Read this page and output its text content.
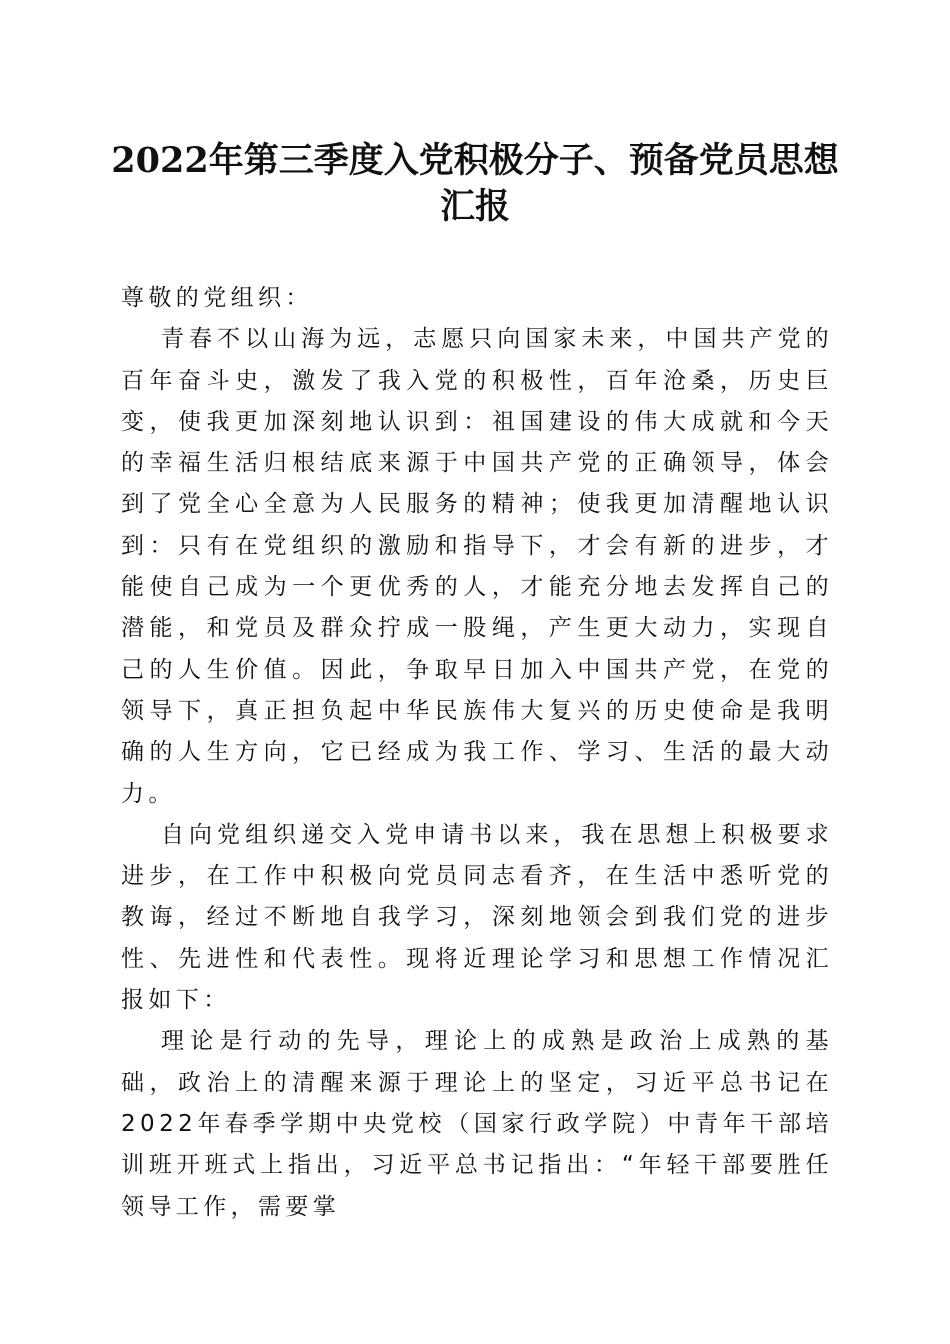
2022年第三季度入党积极分子、预备党员思想汇报

尊敬的党组织：

青春不以山海为远，志愿只向国家未来，中国共产党的百年奋斗史，激发了我入党的积极性，百年沧桑，历史巨变，使我更加深刻地认识到：祖国建设的伟大成就和今天的幸福生活归根结底来源于中国共产党的正确领导，体会到了党全心全意为人民服务的精神；使我更加清醒地认识到：只有在党组织的激励和指导下，才会有新的进步，才能使自己成为一个更优秀的人，才能充分地去发挥自己的潜能，和党员及群众拧成一股绳，产生更大动力，实现自己的人生价值。因此，争取早日加入中国共产党，在党的领导下，真正担负起中华民族伟大复兴的历史使命是我明确的人生方向，它已经成为我工作、学习、生活的最大动力。

自向党组织递交入党申请书以来，我在思想上积极要求进步，在工作中积极向党员同志看齐，在生活中悉听党的教诲，经过不断地自我学习，深刻地领会到我们党的进步性、先进性和代表性。现将近理论学习和思想工作情况汇报如下：

理论是行动的先导，理论上的成熟是政治上成熟的基础，政治上的清醒来源于理论上的坚定，习近平总书记在2022年春季学期中央党校（国家行政学院）中青年干部培训班开班式上指出，习近平总书记指出：“年轻干部要胜任领导工作，需要掌
